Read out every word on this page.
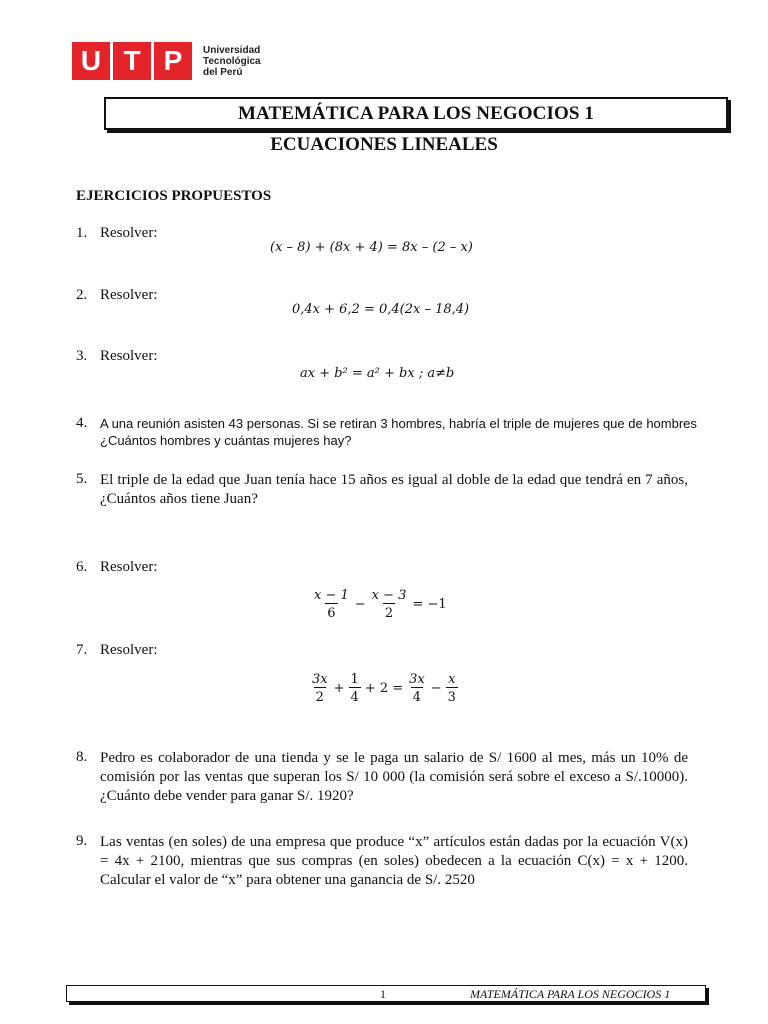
U T P	Universidad
Tecnológica
del Perú
MATEMÁTICA PARA LOS NEGOCIOS 1
ECUACIONES LINEALES
EJERCICIOS PROPUESTOS
1. Resolver:
(x – 8) + (8x + 4) = 8x – (2 – x)
2. Resolver:
0,4x + 6,2 = 0,4(2x – 18,4)
3. Resolver:
ax + b² = a² + bx ; a≠b
4. A una reunión asisten 43 personas. Si se retiran 3 hombres, habría el triple de mujeres que de hombres ¿Cuántos hombres y cuántas mujeres hay?
5. El triple de la edad que Juan tenía hace 15 años es igual al doble de la edad que tendrá en 7 años, ¿Cuántos años tiene Juan?
6. Resolver:
$\frac{x - 1}{6} - \frac{x - 3}{2} = -1$
7. Resolver:
$\frac{3x}{2} + \frac{1}{4} + 2 = \frac{3x}{4} - \frac{x}{3}$
8. Pedro es colaborador de una tienda y se le paga un salario de S/ 1600 al mes, más un 10% de comisión por las ventas que superan los S/ 10 000 (la comisión será sobre el exceso a S/.10000). ¿Cuánto debe vender para ganar S/. 1920?
9. Las ventas (en soles) de una empresa que produce “x” artículos están dadas por la ecuación V(x) = 4x + 2100, mientras que sus compras (en soles) obedecen a la ecuación C(x) = x + 1200. Calcular el valor de “x” para obtener una ganancia de S/. 2520
1	MATEMÁTICA PARA LOS NEGOCIOS 1
